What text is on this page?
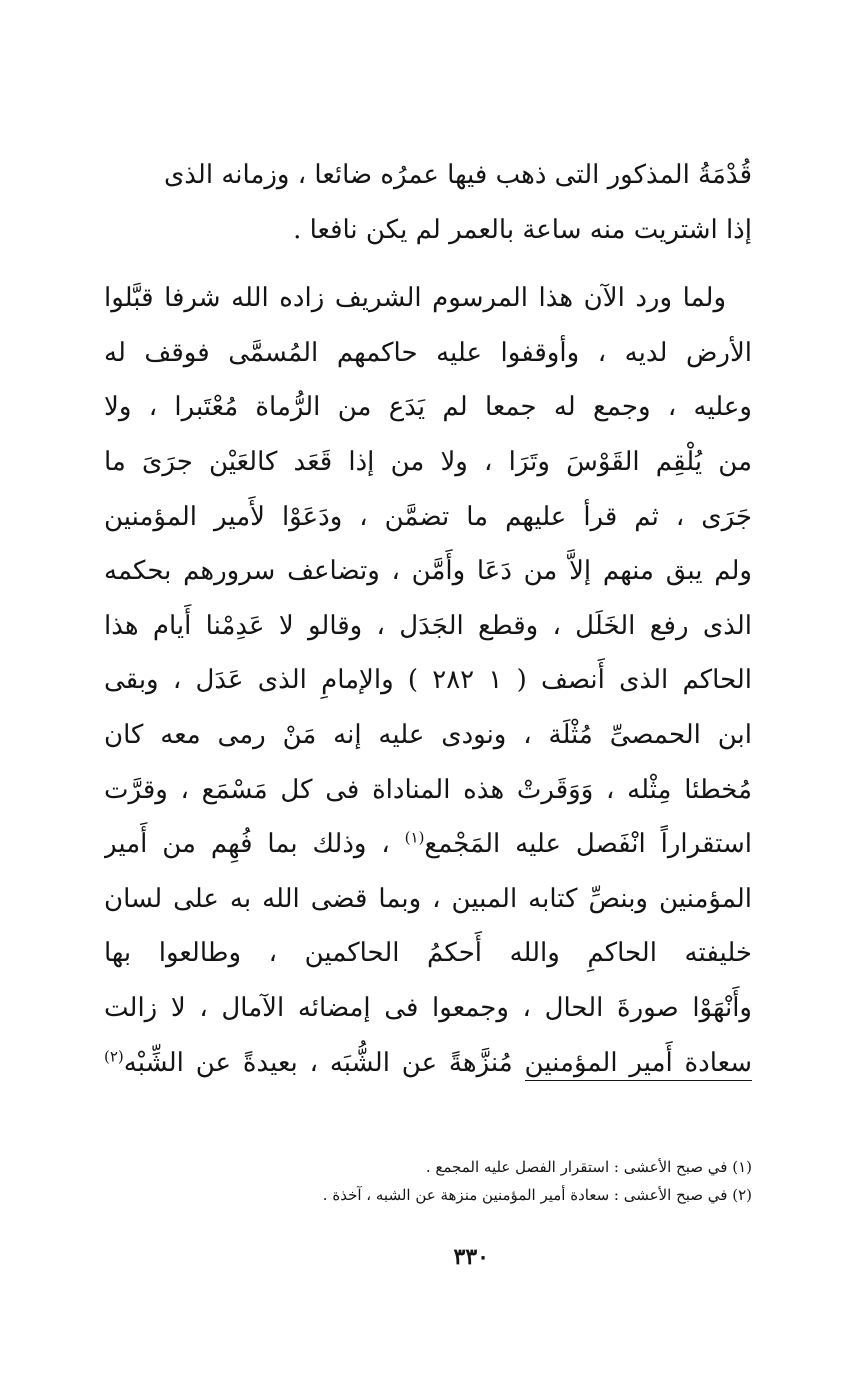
قُدْمَةُ المذكور التى ذهب فيها عمرُه ضائعا ، وزمانه الذى
إذا اشتريت منه ساعة بالعمر لم يكن نافعا .

ولما ورد الآن هذا المرسوم الشريف زاده الله شرفا قبَّلوا
الأرض لديه ، وأوقفوا عليه حاكمهم المُسمَّى فوقف له
وعليه ، وجمع له جمعا لم يَدَع من الرُّماة مُعْتَبرا ، ولا
من يُلْقِم القَوْسَ وتَرَا ، ولا من إذا قَعَد كالعَيْن جرَىَ ما
جَرَى ، ثم قرأ عليهم ما تضمَّن ، ودَعَوْا لأَمير المؤمنين
ولم يبق منهم إلاَّ من دَعَا وأَمَّن ، وتضاعف سرورهم بحكمه
الذى رفع الخَلَل ، وقطع الجَدَل ، وقالو لا عَدِمْنا أَيام هذا
الحاكم الذى أَنصف ( ١ ٢٨٢ ) والإمامِ الذى عَدَل ، وبقى
ابن الحمصىِّ مُثْلَة ، ونودى عليه إنه مَنْ رمى معه كان
مُخطئا مِثْله ، وَوَقَرتْ هذه المناداة فى كل مَسْمَع ، وقرَّت
استقراراً انْفَصل عليه المَجْمع$^{(١)}$ ، وذلك بما فُهِم من أَمير
المؤمنين وبنصِّ كتابه المبين ، وبما قضى الله به على لسان
خليفته الحاكمِ والله أَحكمُ الحاكمين ، وطالعوا بها
وأَنْهَوْا صورةَ الحال ، وجمعوا فى إمضائه الآمال ، لا زالت
سعادة أَمير المؤمنين مُنزَّهةً عن الشُّبَه ، بعيدةً عن الشِّبْه$^{(٢)}$

(١) في صبح الأعشى : استقرار الفصل عليه المجمع .
(٢) في صبح الأعشى : سعادة أمير المؤمنين منزهة عن الشبه ، آخذة .
٣٣٠
